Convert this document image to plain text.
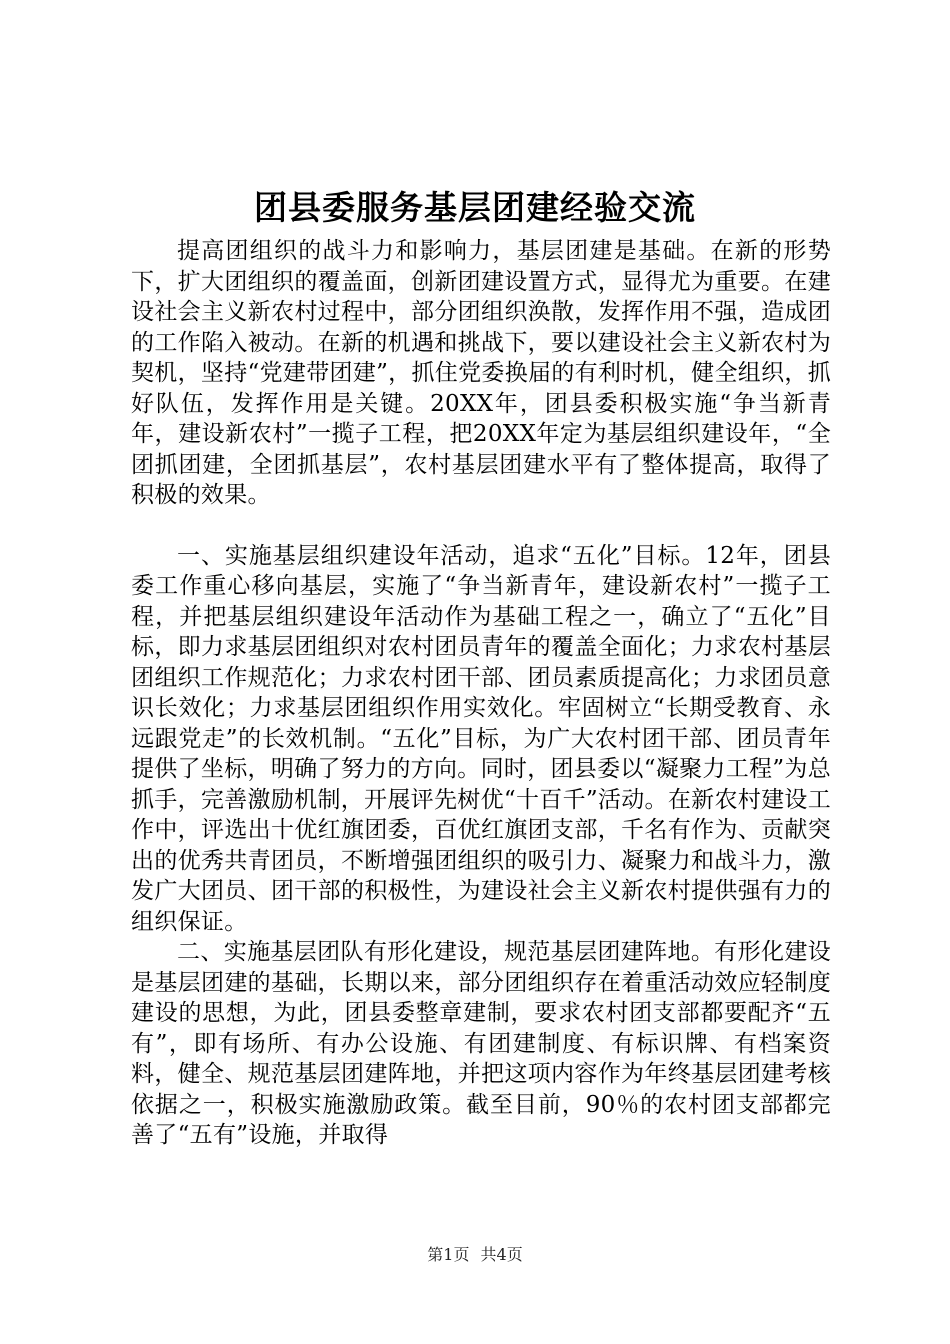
团县委服务基层团建经验交流

提高团组织的战斗力和影响力，基层团建是基础。在新的形势下，扩大团组织的覆盖面，创新团建设置方式，显得尤为重要。在建设社会主义新农村过程中，部分团组织涣散，发挥作用不强，造成团的工作陷入被动。在新的机遇和挑战下，要以建设社会主义新农村为契机，坚持“党建带团建”，抓住党委换届的有利时机，健全组织，抓好队伍，发挥作用是关键。20XX年，团县委积极实施“争当新青年，建设新农村”一揽子工程，把20XX年定为基层组织建设年，“全团抓团建，全团抓基层”，农村基层团建水平有了整体提高，取得了积极的效果。

一、实施基层组织建设年活动，追求“五化”目标。12年，团县委工作重心移向基层，实施了“争当新青年，建设新农村”一揽子工程，并把基层组织建设年活动作为基础工程之一，确立了“五化”目标，即力求基层团组织对农村团员青年的覆盖全面化；力求农村基层团组织工作规范化；力求农村团干部、团员素质提高化；力求团员意识长效化；力求基层团组织作用实效化。牢固树立“长期受教育、永远跟党走”的长效机制。“五化”目标，为广大农村团干部、团员青年提供了坐标，明确了努力的方向。同时，团县委以“凝聚力工程”为总抓手，完善激励机制，开展评先树优“十百千”活动。在新农村建设工作中，评选出十优红旗团委，百优红旗团支部，千名有作为、贡献突出的优秀共青团员，不断增强团组织的吸引力、凝聚力和战斗力，激发广大团员、团干部的积极性，为建设社会主义新农村提供强有力的组织保证。

二、实施基层团队有形化建设，规范基层团建阵地。有形化建设是基层团建的基础，长期以来，部分团组织存在着重活动效应轻制度建设的思想，为此，团县委整章建制，要求农村团支部都要配齐“五有”，即有场所、有办公设施、有团建制度、有标识牌、有档案资料，健全、规范基层团建阵地，并把这项内容作为年终基层团建考核依据之一，积极实施激励政策。截至目前，90％的农村团支部都完善了“五有”设施，并取得

第1页 共4页
